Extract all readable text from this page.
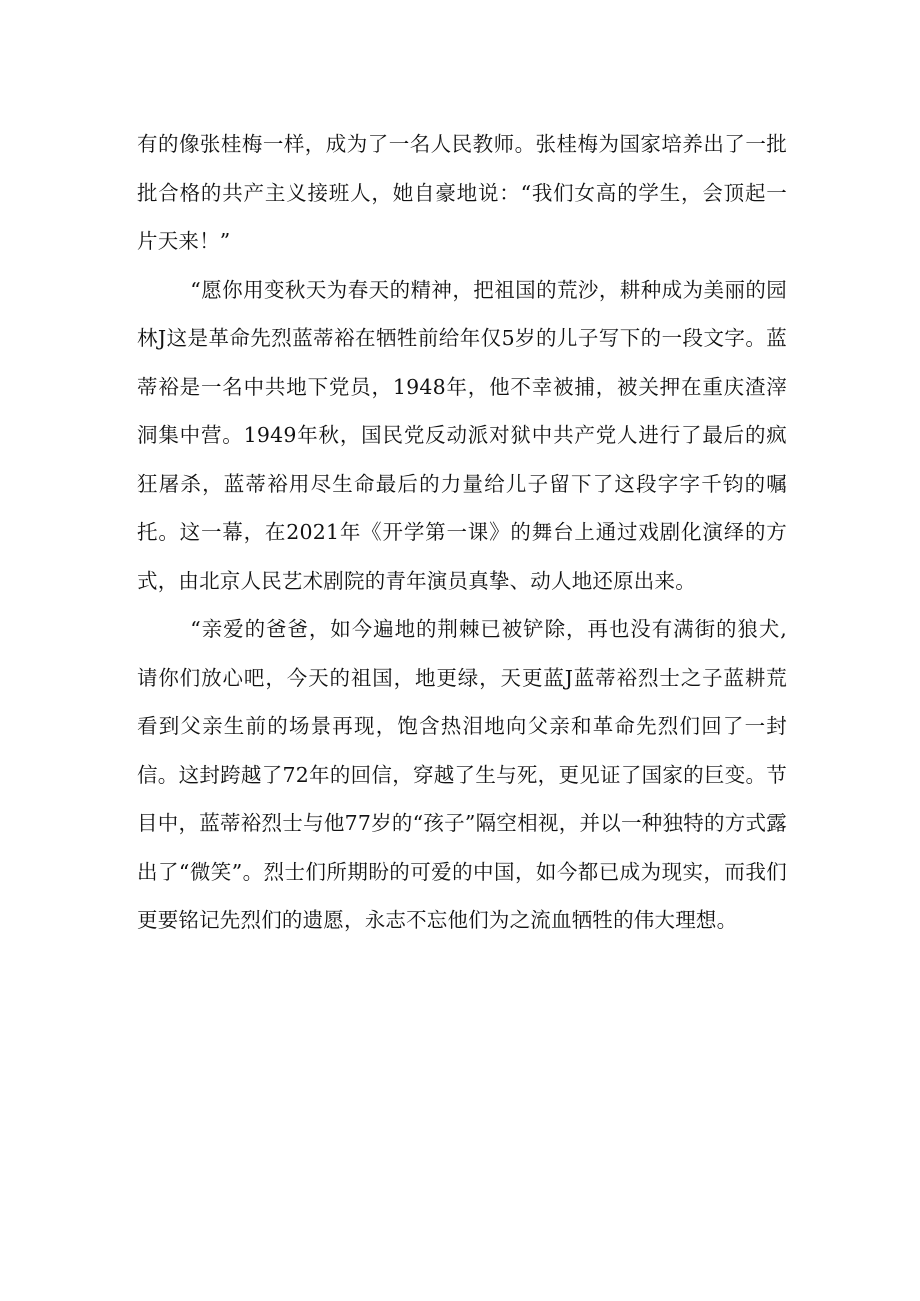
有的像张桂梅一样，成为了一名人民教师。张桂梅为国家培养出了一批批合格的共产主义接班人，她自豪地说：“我们女高的学生，会顶起一片天来！”

“愿你用变秋天为春天的精神，把祖国的荒沙，耕种成为美丽的园林J这是革命先烈蓝蒂裕在牺牲前给年仅5岁的儿子写下的一段文字。蓝蒂裕是一名中共地下党员，1948年，他不幸被捕，被关押在重庆渣滓洞集中营。1949年秋，国民党反动派对狱中共产党人进行了最后的疯狂屠杀，蓝蒂裕用尽生命最后的力量给儿子留下了这段字字千钧的嘱托。这一幕，在2021年《开学第一课》的舞台上通过戏剧化演绎的方式，由北京人民艺术剧院的青年演员真挚、动人地还原出来。

“亲爱的爸爸，如今遍地的荆棘已被铲除，再也没有满街的狼犬,请你们放心吧，今天的祖国，地更绿，天更蓝J蓝蒂裕烈士之子蓝耕荒看到父亲生前的场景再现，饱含热泪地向父亲和革命先烈们回了一封信。这封跨越了72年的回信，穿越了生与死，更见证了国家的巨变。节目中，蓝蒂裕烈士与他77岁的“孩子”隔空相视，并以一种独特的方式露出了“微笑”。烈士们所期盼的可爱的中国，如今都已成为现实，而我们更要铭记先烈们的遗愿，永志不忘他们为之流血牺牲的伟大理想。
